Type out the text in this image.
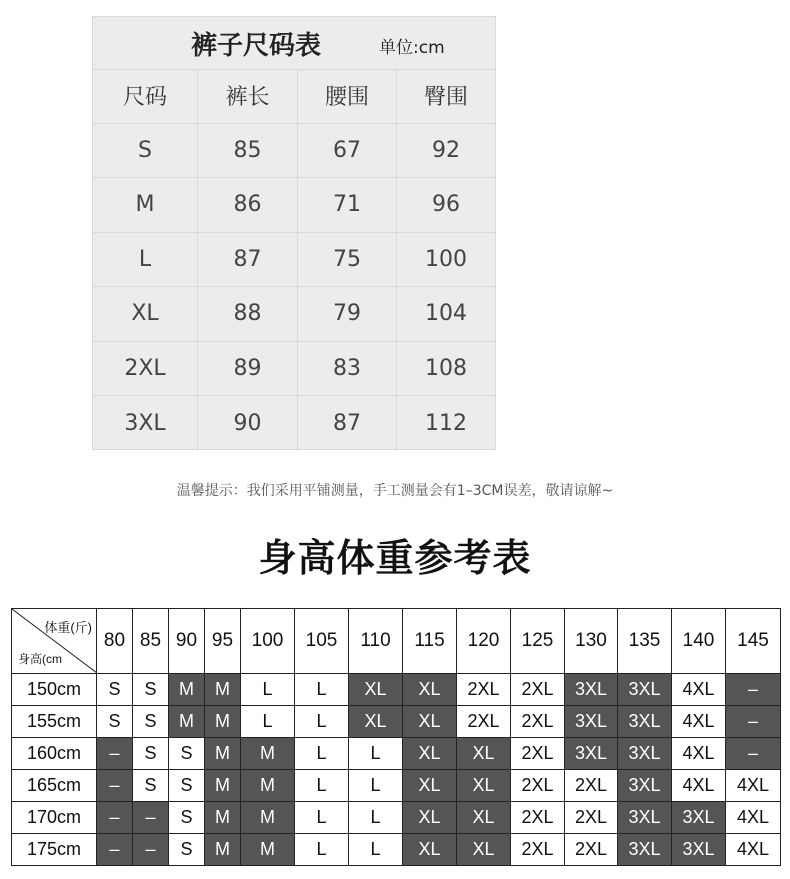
裤子尺码表	单位:cm
尺码	裤长	腰围	臀围
S	85	67	92
M	86	71	96
L	87	75	100
XL	88	79	104
2XL	89	83	108
3XL	90	87	112
温馨提示：我们采用平铺测量，手工测量会有1–3CM误差，敬请谅解~
身高体重参考表
体重(斤)
身高(cm	80	85	90	95	100	105	110	115	120	125	130	135	140	145
150cm	S	S	M	M	L	L	XL	XL	2XL	2XL	3XL	3XL	4XL	–
155cm	S	S	M	M	L	L	XL	XL	2XL	2XL	3XL	3XL	4XL	–
160cm	–	S	S	M	M	L	L	XL	XL	2XL	3XL	3XL	4XL	–
165cm	–	S	S	M	M	L	L	XL	XL	2XL	2XL	3XL	4XL	4XL
170cm	–	–	S	M	M	L	L	XL	XL	2XL	2XL	3XL	3XL	4XL
175cm	–	–	S	M	M	L	L	XL	XL	2XL	2XL	3XL	3XL	4XL
